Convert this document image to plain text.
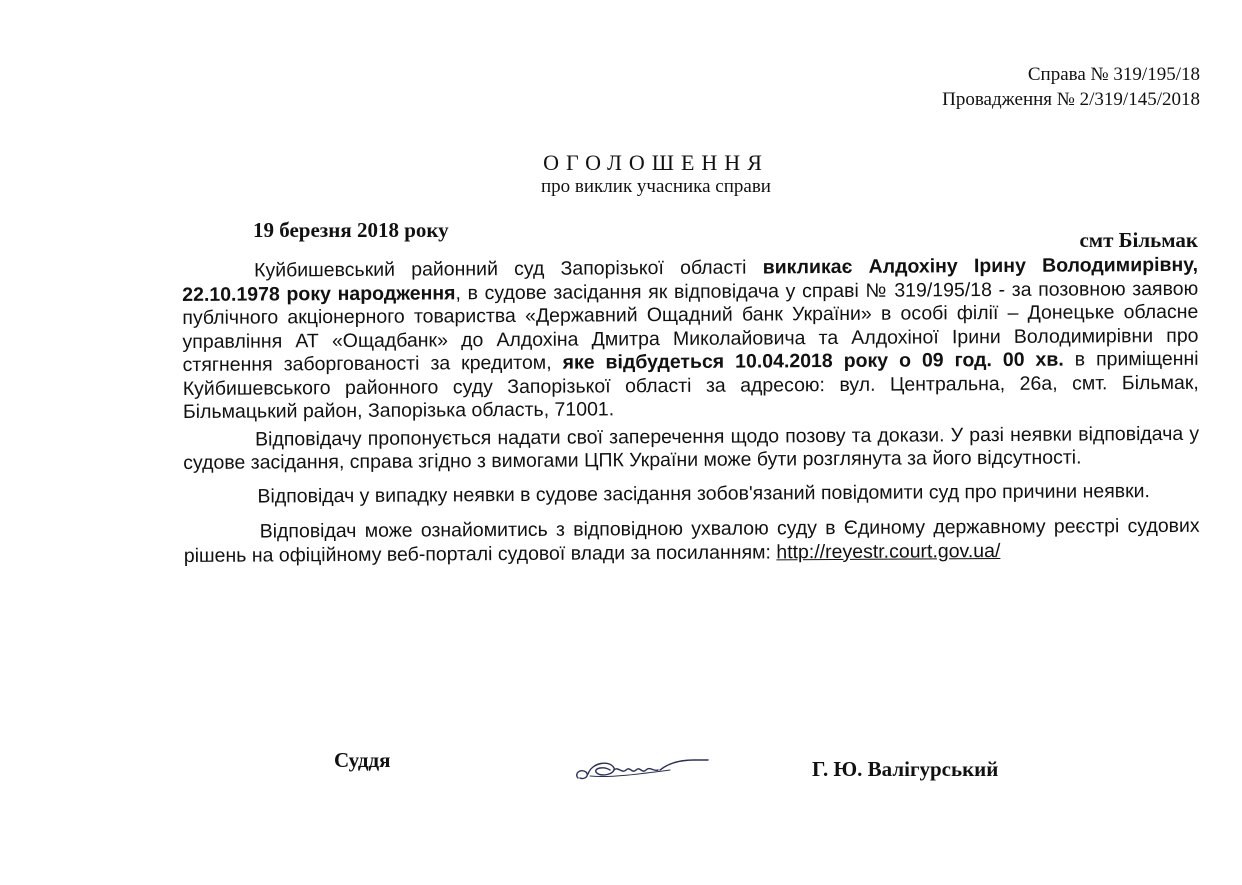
Справа № 319/195/18
Провадження № 2/319/145/2018
ОГОЛОШЕННЯ
про виклик учасника справи
19 березня 2018 року	смт Більмак

Куйбишевський районний суд Запорізької області викликає Алдохіну Ірину Володимирівну, 22.10.1978 року народження, в судове засідання як відповідача у справі № 319/195/18 - за позовною заявою публічного акціонерного товариства «Державний Ощадний банк України» в особі філії – Донецьке обласне управління АТ «Ощадбанк» до Алдохіна Дмитра Миколайовича та Алдохіної Ірини Володимирівни про стягнення заборгованості за кредитом, яке відбудеться 10.04.2018 року о 09 год. 00 хв. в приміщенні Куйбишевського районного суду Запорізької області за адресою: вул. Центральна, 26а, смт. Більмак, Більмацький район, Запорізька область, 71001.

Відповідачу пропонується надати свої заперечення щодо позову та докази. У разі неявки відповідача у судове засідання, справа згідно з вимогами ЦПК України може бути розглянута за його відсутності.

Відповідач у випадку неявки в судове засідання зобов'язаний повідомити суд про причини неявки.

Відповідач може ознайомитись з відповідною ухвалою суду в Єдиному державному реєстрі судових рішень на офіційному веб-порталі судової влади за посиланням: http://reyestr.court.gov.ua/

Суддя	Г. Ю. Валігурський
